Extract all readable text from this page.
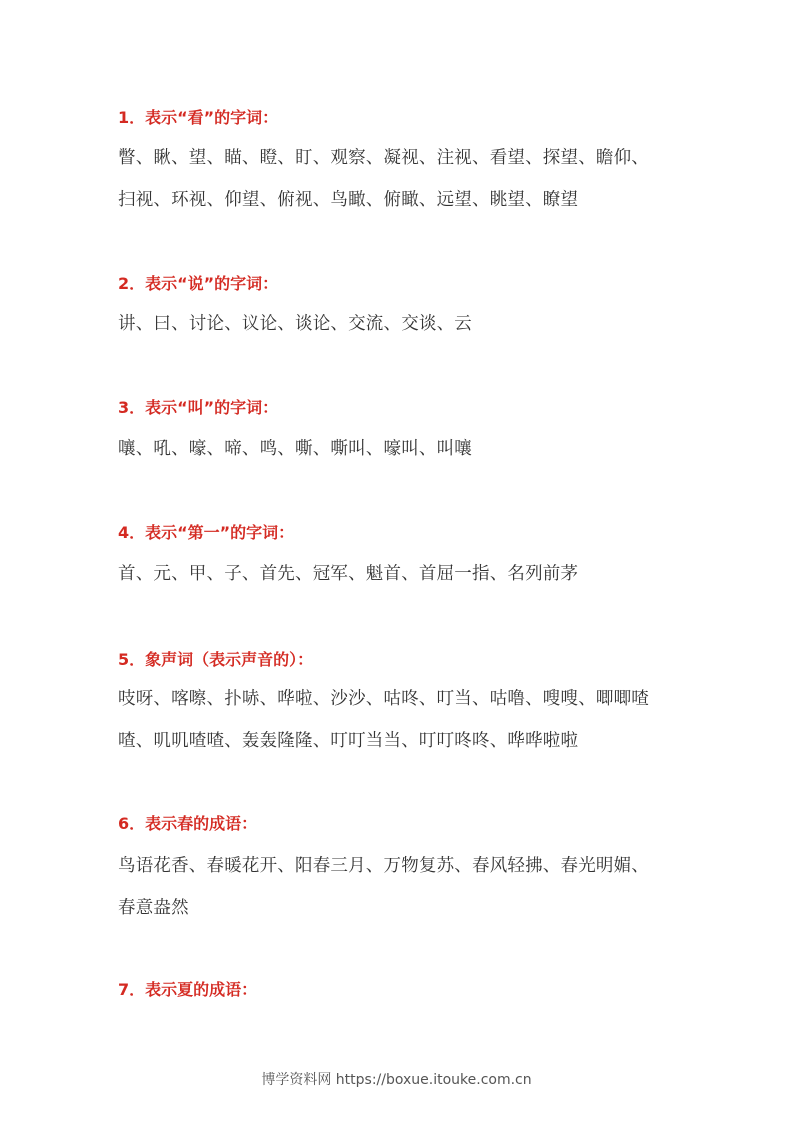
1．表示“看”的字词：
瞥、瞅、望、瞄、瞪、盯、观察、凝视、注视、看望、探望、瞻仰、
扫视、环视、仰望、俯视、鸟瞰、俯瞰、远望、眺望、瞭望
2．表示“说”的字词：
讲、曰、讨论、议论、谈论、交流、交谈、云
3．表示“叫”的字词：
嚷、吼、嚎、啼、鸣、嘶、嘶叫、嚎叫、叫嚷
4．表示“第一”的字词：
首、元、甲、子、首先、冠军、魁首、首屈一指、名列前茅
5．象声词（表示声音的）：
吱呀、喀嚓、扑哧、哗啦、沙沙、咕咚、叮当、咕噜、嗖嗖、唧唧喳
喳、叽叽喳喳、轰轰隆隆、叮叮当当、叮叮咚咚、哗哗啦啦
6．表示春的成语：
鸟语花香、春暖花开、阳春三月、万物复苏、春风轻拂、春光明媚、
春意盎然
7．表示夏的成语：
博学资料网 https://boxue.itouke.com.cn
